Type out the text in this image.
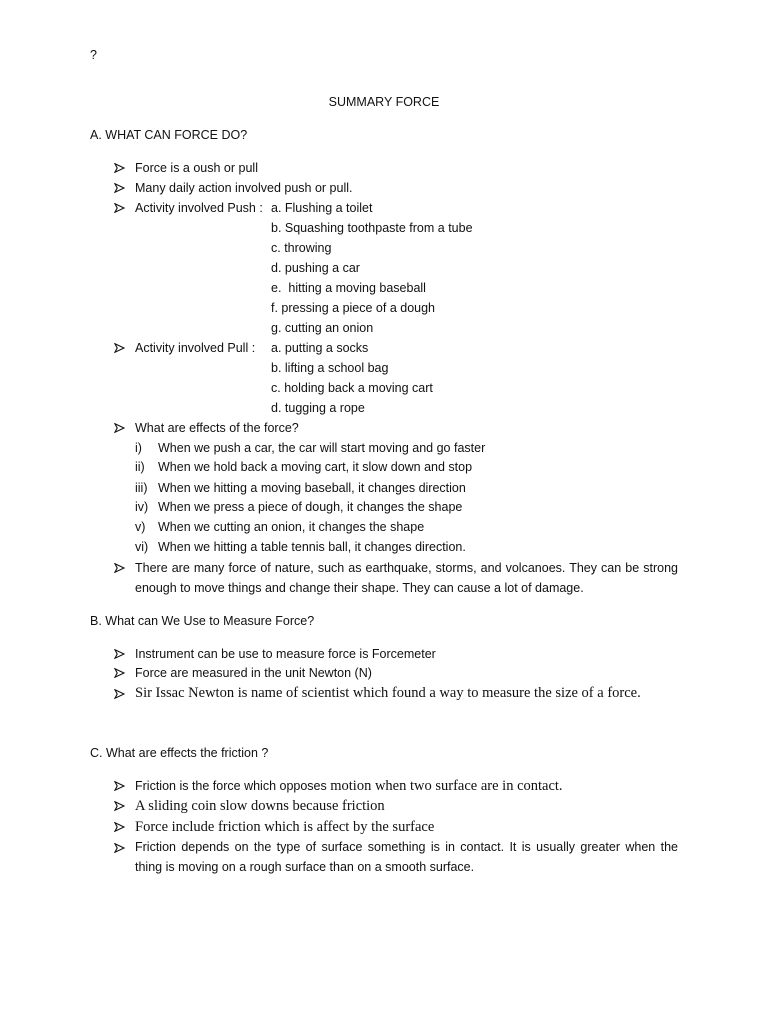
?
SUMMARY FORCE
A. WHAT CAN FORCE DO?
Force is a oush or pull
Many daily action involved push or pull.
Activity involved Push : a. Flushing a toilet
b. Squashing toothpaste from a tube
c. throwing
d. pushing a car
e.  hitting a moving baseball
f. pressing a piece of a dough
g. cutting an onion
Activity involved Pull : a. putting a socks
b. lifting a school bag
c. holding back a moving cart
d. tugging a rope
What are effects of the force?
i) When we push a car, the car will start moving and go faster
ii) When we hold back a moving cart, it slow down and stop
iii) When we hitting a moving baseball, it changes direction
iv) When we press a piece of dough, it changes the shape
v) When we cutting an onion, it changes the shape
vi) When we hitting a table tennis ball, it changes direction.
There are many force of nature, such as earthquake, storms, and volcanoes. They can be strong enough to move things and change their shape. They can cause a lot of damage.
B. What can We Use to Measure Force?
Instrument can be use to measure force is Forcemeter
Force are measured in the unit Newton (N)
Sir Issac Newton is name of scientist which found a way to measure the size of a force.
C. What are effects the friction ?
Friction is the force which opposes motion when two surface are in contact.
A sliding coin slow downs because friction
Force include friction which is affect by the surface
Friction depends on the type of surface something is in contact. It is usually greater when the thing is moving on a rough surface than on a smooth surface.
